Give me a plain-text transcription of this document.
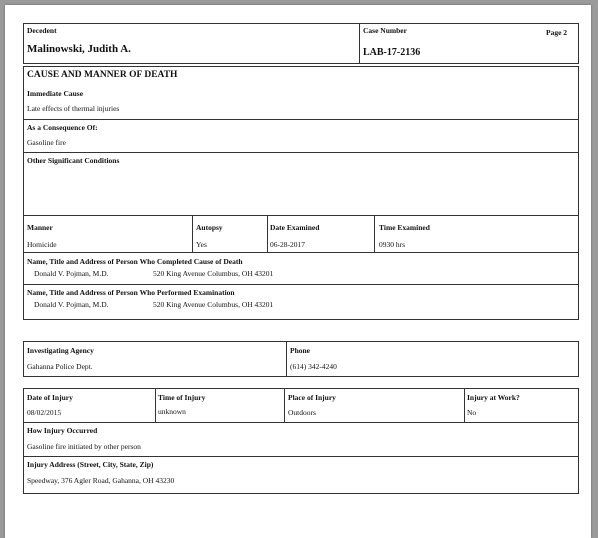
Decedent
Malinowski, Judith A.
Case Number
LAB-17-2136
Page 2
CAUSE AND MANNER OF DEATH
Immediate Cause
Late effects of thermal injuries
As a Consequence Of:
Gasoline fire
Other Significant Conditions
Manner
Homicide
Autopsy
Yes
Date Examined
06-28-2017
Time Examined
0930 hrs
Name, Title and Address of Person Who Completed Cause of Death
Donald V. Pojman, M.D.	520 King Avenue Columbus, OH 43201
Name, Title and Address of Person Who Performed Examination
Donald V. Pojman, M.D.	520 King Avenue Columbus, OH 43201
Investigating Agency
Gahanna Police Dept.
Phone
(614) 342-4240
Date of Injury
08/02/2015
Time of Injury
unknown
Place of Injury
Outdoors
Injury at Work?
No
How Injury Occurred
Gasoline fire initiated by other person
Injury Address (Street, City, State, Zip)
Speedway, 376 Agler Road, Gahanna, OH 43230
